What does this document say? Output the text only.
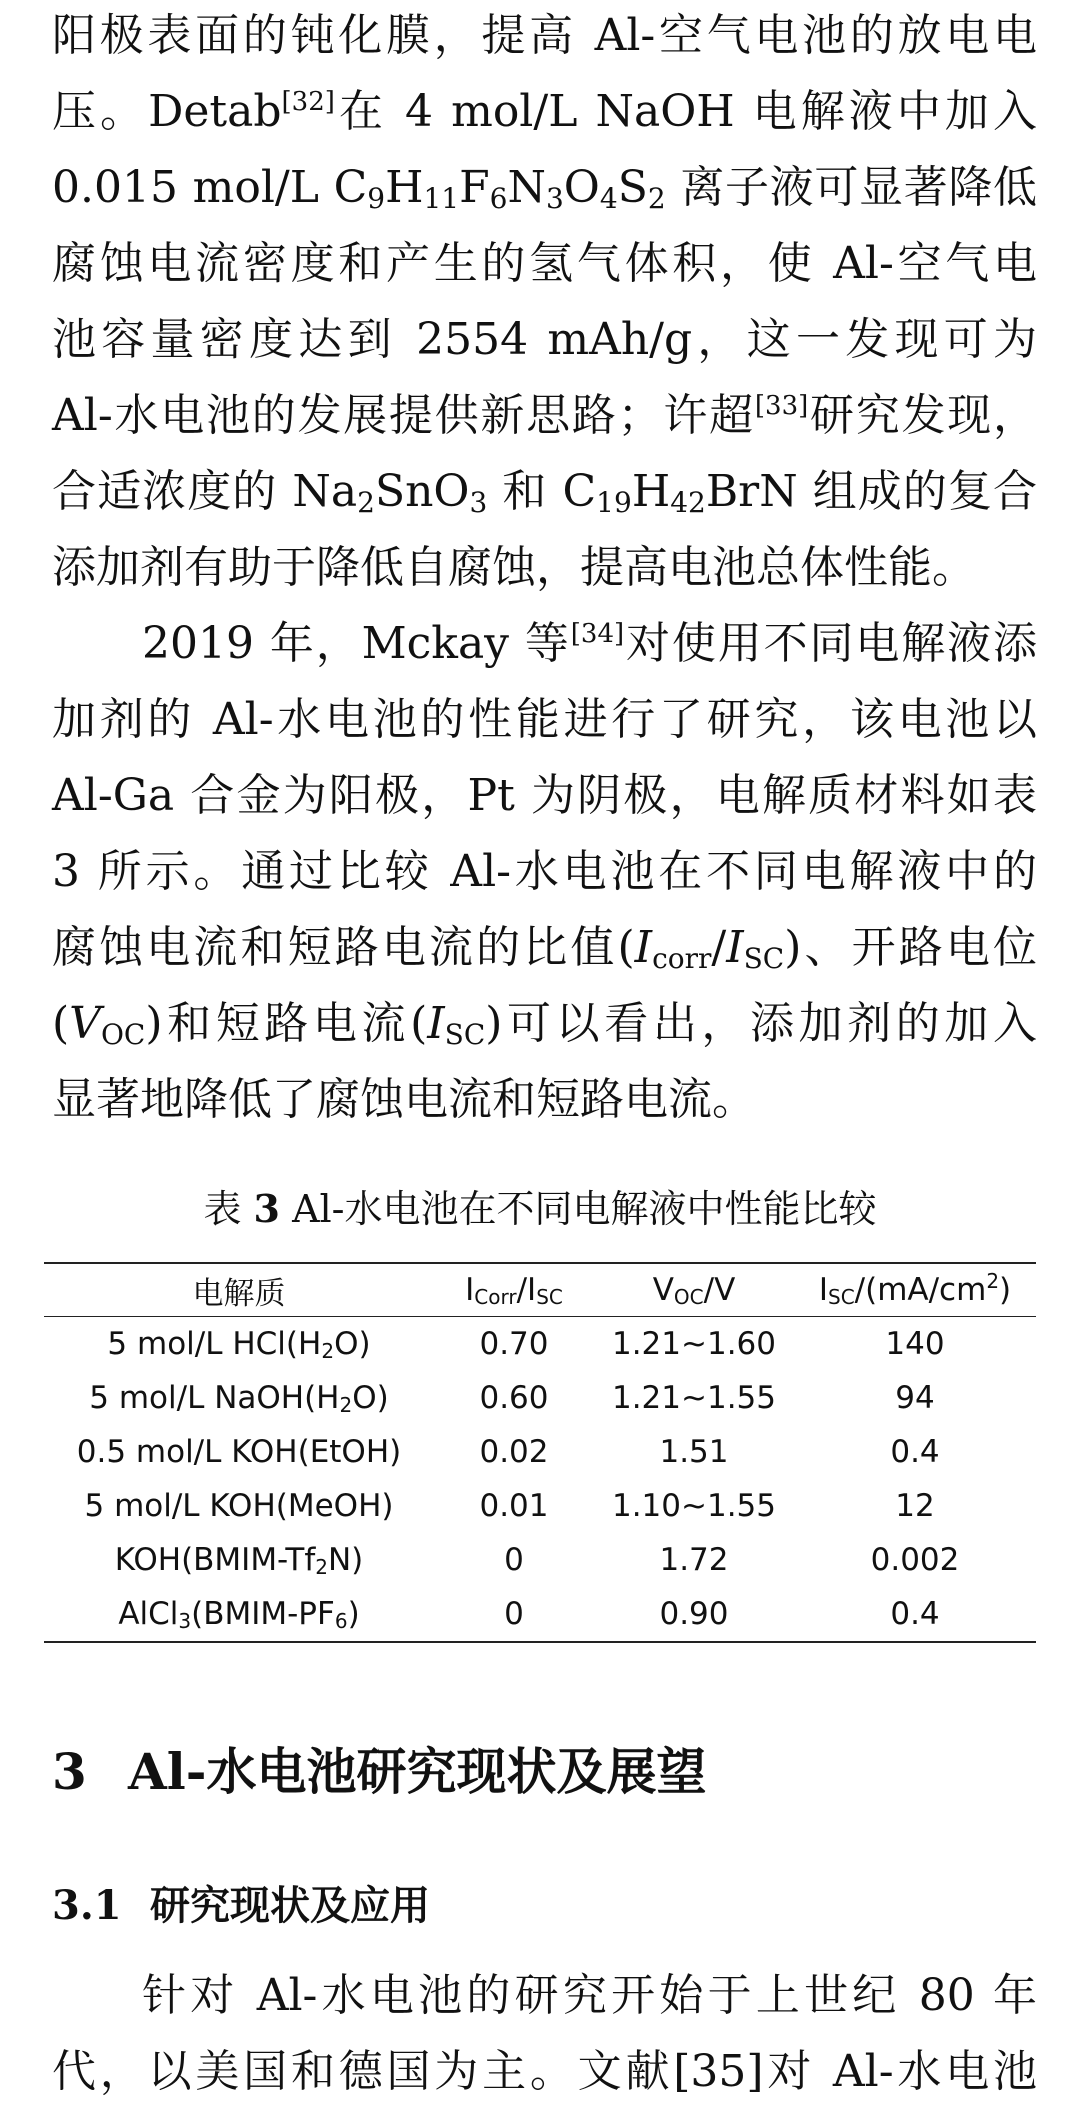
阳极表面的钝化膜，提高 Al-空气电池的放电电
压。Detab[32]在 4 mol/L NaOH 电解液中加入
0.015 mol/L $C_9H_{11}F_6N_3O_4S_2$ 离子液可显著降低
腐蚀电流密度和产生的氢气体积，使 Al-空气电
池容量密度达到 2554 mAh/g，这一发现可为
Al-水电池的发展提供新思路；许超[33]研究发现，
合适浓度的 $Na_2SnO_3$ 和 $C_{19}H_{42}BrN$ 组成的复合
添加剂有助于降低自腐蚀，提高电池总体性能。
2019 年，Mckay 等[34]对使用不同电解液添
加剂的 Al-水电池的性能进行了研究，该电池以
Al-Ga 合金为阳极，Pt 为阴极，电解质材料如表
3 所示。通过比较 Al-水电池在不同电解液中的
腐蚀电流和短路电流的比值$(I_{corr}/I_{SC})$、开路电位
$(V_{OC})$和短路电流$(I_{SC})$可以看出，添加剂的加入
显著地降低了腐蚀电流和短路电流。
表 3 Al-水电池在不同电解液中性能比较
电解质	$I_{Corr}/I_{SC}$	$V_{OC}/V$	$I_{SC}/(mA/cm^2)$
5 mol/L $HCl(H_2O)$	0.70	1.21~1.60	140
5 mol/L $NaOH(H_2O)$	0.60	1.21~1.55	94
0.5 mol/L KOH(EtOH)	0.02	1.51	0.4
5 mol/L KOH(MeOH)	0.01	1.10~1.55	12
$KOH(BMIM-Tf_2N)$	0	1.72	0.002
$AlCl_3(BMIM-PF_6)$	0	0.90	0.4
3 Al-水电池研究现状及展望
3.1 研究现状及应用
针对 Al-水电池的研究开始于上世纪 80 年
代，以美国和德国为主。文献[35]对 Al-水电池
